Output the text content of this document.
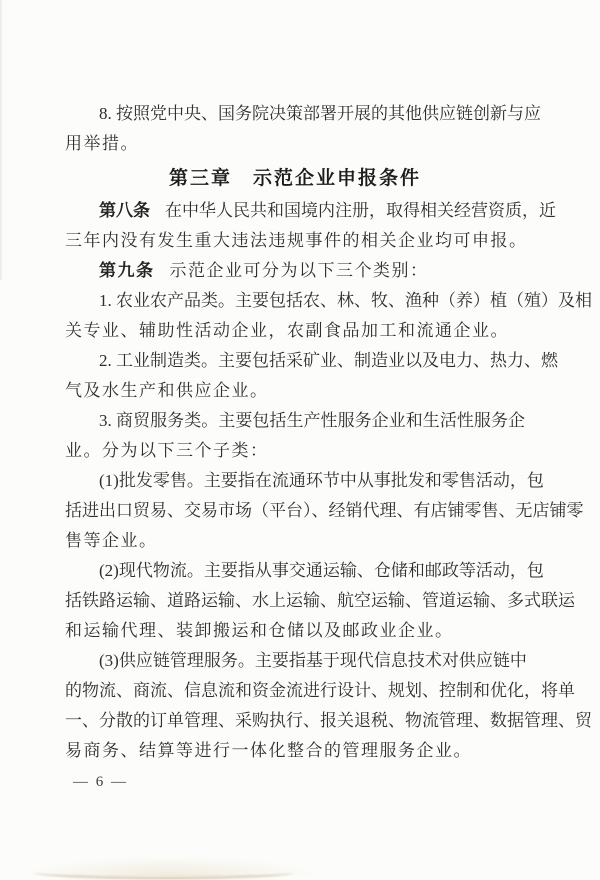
8. 按照党中央、国务院决策部署开展的其他供应链创新与应
用举措。
第三章　示范企业申报条件
第八条 在中华人民共和国境内注册，取得相关经营资质，近
三年内没有发生重大违法违规事件的相关企业均可申报。
第九条 示范企业可分为以下三个类别：
1. 农业农产品类。主要包括农、林、牧、渔种（养）植（殖）及相
关专业、辅助性活动企业，农副食品加工和流通企业。
2. 工业制造类。主要包括采矿业、制造业以及电力、热力、燃
气及水生产和供应企业。
3. 商贸服务类。主要包括生产性服务企业和生活性服务企
业。分为以下三个子类：
(1)批发零售。主要指在流通环节中从事批发和零售活动，包
括进出口贸易、交易市场（平台）、经销代理、有店铺零售、无店铺零
售等企业。
(2)现代物流。主要指从事交通运输、仓储和邮政等活动，包
括铁路运输、道路运输、水上运输、航空运输、管道运输、多式联运
和运输代理、装卸搬运和仓储以及邮政业企业。
(3)供应链管理服务。主要指基于现代信息技术对供应链中
的物流、商流、信息流和资金流进行设计、规划、控制和优化，将单
一、分散的订单管理、采购执行、报关退税、物流管理、数据管理、贸
易商务、结算等进行一体化整合的管理服务企业。
— 6 —
